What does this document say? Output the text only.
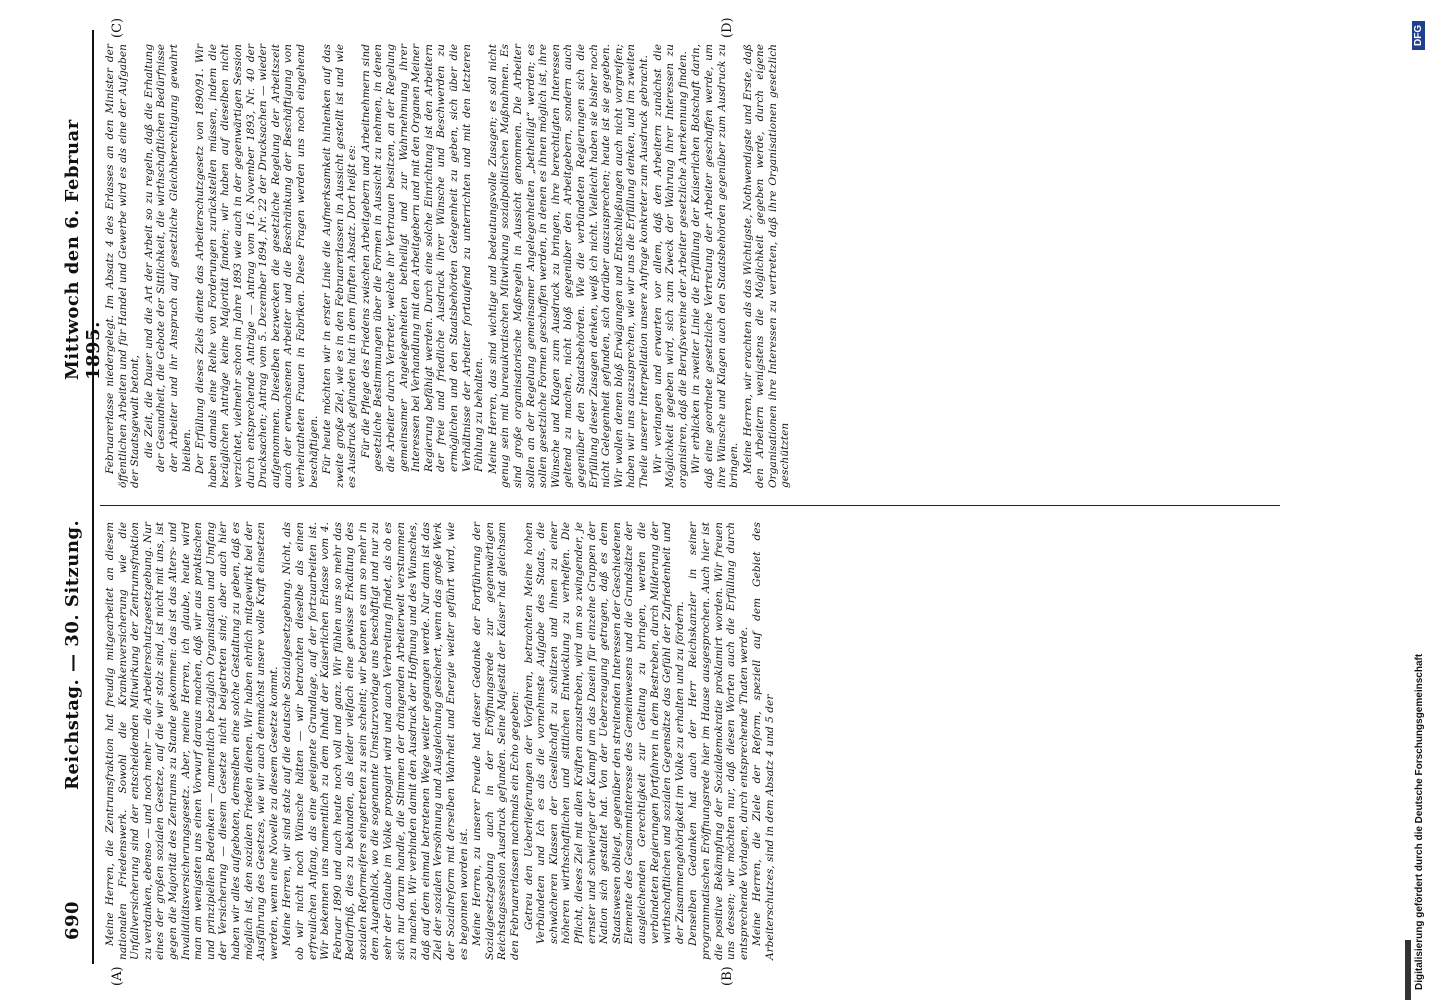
690
Reichstag. — 30. Sitzung.
Mittwoch den 6. Februar 1895.
(A)	(B)
(C)	(D)

Meine Herren, die Zentrumsfraktion hat freudig mitgearbeitet an diesem nationalen Friedenswerk. Sowohl die Krankenversicherung wie die Unfallversicherung sind der entscheidenden Mitwirkung der Zentrumsfraktion zu verdanken, ebenso — und noch mehr — die Arbeiterschutzgesetzgebung. Nur eines der großen sozialen Gesetze, auf die wir stolz sind, ist nicht mit uns, ist gegen die Majorität des Zentrums zu Stande gekommen: das ist das Alters- und Invaliditätsversicherungsgesetz. Aber, meine Herren, ich glaube, heute wird man am wenigsten uns einen Vorwurf daraus machen, daß wir aus praktischen und prinzipiellen Bedenken — namentlich bezüglich Organisation und Umfang der Versicherung — diesem Gesetze nicht beigetreten sind; aber auch hier haben wir alles aufgeboten, demselben eine solche Gestaltung zu geben, daß es möglich ist, den sozialen Frieden dienen. Wir haben ehrlich mitgewirkt bei der Ausführung des Gesetzes, wie wir auch demnächst unsere volle Kraft einsetzen werden, wenn eine Novelle zu diesem Gesetze kommt. Meine Herren, wir sind stolz auf die deutsche Sozialgesetzgebung. Nicht, als ob wir nicht noch Wünsche hätten — wir betrachten dieselbe als einen erfreulichen Anfang, als eine geeignete Grundlage, auf der fortzuarbeiten ist. Wir bekennen uns namentlich zu dem Inhalt der Kaiserlichen Erlasse vom 4. Februar 1890 und auch heute noch voll und ganz. Wir fühlen uns so mehr das Bedürfniß, dies zu bekunden, als leider vielfach eine gewisse Erkaltung des sozialen Reformeifers eingetreten zu sein scheint; wir betonen es um so mehr in dem Augenblick, wo die sogenannte Umsturzvorlage uns beschäftigt und nur zu sehr der Glaube im Volke propagirt wird und auch Verbreitung findet, als ob es sich nur darum handle, die Stimmen der drängenden Arbeiterwelt verstummen zu machen. Wir verbinden damit den Ausdruck der Hoffnung und des Wunsches, daß auf dem einmal betretenen Wege weiter gegangen werde. Nur dann ist das Ziel der sozialen Versöhnung und Ausgleichung gesichert, wenn das große Werk der Sozialreform mit derselben Wahrheit und Energie weiter geführt wird, wie es begonnen worden ist. Meine Herren, zu unserer Freude hat dieser Gedanke der Fortführung der Sozialgesetzgebung auch in der Eröffnungsrede zur gegenwärtigen Reichstagssession Ausdruck gefunden. Seine Majestät der Kaiser hat gleichsam den Februarerlassen nachmals ein Echo gegeben: Getreu den Ueberlieferungen der Vorfahren, betrachten Meine hohen Verbündeten und Ich es als die vornehmste Aufgabe des Staats, die schwächeren Klassen der Gesellschaft zu schützen und ihnen zu einer höheren wirthschaftlichen und sittlichen Entwicklung zu verhelfen. Die Pflicht, dieses Ziel mit allen Kräften anzustreben, wird um so zwingender, je ernster und schwieriger der Kampf um das Dasein für einzelne Gruppen der Nation sich gestaltet hat. Von der Ueberzeugung getragen, daß es dem Staatswesen obliegt, gegenüber den streitenden Interessen der Geschiedenen Elemente des Gesammtinteresse des Gemeinwesens und die Grundsätze der ausgleichenden Gerechtigkeit zur Geltung zu bringen, werden die verbündeten Regierungen fortfahren in dem Bestreben, durch Milderung der wirthschaftlichen und sozialen Gegensätze das Gefühl der Zufriedenheit und der Zusammengehörigkeit im Volke zu erhalten und zu fördern. Denselben Gedanken hat auch der Herr Reichskanzler in seiner programmatischen Eröffnungsrede hier im Hause ausgesprochen. Auch hier ist die positive Bekämpfung der Sozialdemokratie proklamirt worden. Wir freuen uns dessen; wir möchten nur, daß diesen Worten auch die Erfüllung durch entsprechende Vorlagen, durch entsprechende Thaten werde. Meine Herren, die Ziele der Reform, speziell auf dem Gebiet des Arbeiterschutzes, sind in dem Absatz 4 und 5 der

Februarerlasse niedergelegt. Im Absatz 4 des Erlasses an den Minister der öffentlichen Arbeiten und für Handel und Gewerbe wird es als eine der Aufgaben der Staatsgewalt betont, die Zeit, die Dauer und die Art der Arbeit so zu regeln, daß die Erhaltung der Gesundheit, die Gebote der Sittlichkeit, die wirthschaftlichen Bedürfnisse der Arbeiter und ihr Anspruch auf gesetzliche Gleichberechtigung gewahrt bleiben. Der Erfüllung dieses Ziels diente das Arbeiterschutzgesetz von 1890/91. Wir haben damals eine Reihe von Forderungen zurückstellen müssen, indem die bezüglichen Anträge keine Majorität fanden; wir haben auf dieselben nicht verzichtet, vielmehr schon im Jahre 1893 wie auch in der gegenwärtigen Session durch entsprechende Anträge — Antrag vom 16. November 1893, Nr. 40 der Drucksachen; Antrag vom 5. Dezember 1894, Nr. 22 der Drucksachen — wieder aufgenommen. Dieselben bezwecken die gesetzliche Regelung der Arbeitszeit auch der erwachsenen Arbeiter und die Beschränkung der Beschäftigung von verheiratheten Frauen in Fabriken. Diese Fragen werden uns noch eingehend beschäftigen. Für heute möchten wir in erster Linie die Aufmerksamkeit hinlenken auf das zweite große Ziel, wie es in den Februarerlassen in Aussicht gestellt ist und wie es Ausdruck gefunden hat in dem fünften Absatz. Dort heißt es: Für die Pflege des Friedens zwischen Arbeitgebern und Arbeitnehmern sind gesetzliche Bestimmungen über die Formen in Aussicht zu nehmen, in denen die Arbeiter durch Vertreter, welche ihr Vertrauen besitzen, an der Regelung gemeinsamer Angelegenheiten betheiligt und zur Wahrnehmung ihrer Interessen bei Verhandlung mit den Arbeitgebern und mit den Organen Meiner Regierung befähigt werden. Durch eine solche Einrichtung ist den Arbeitern der freie und friedliche Ausdruck ihrer Wünsche und Beschwerden zu ermöglichen und den Staatsbehörden Gelegenheit zu geben, sich über die Verhältnisse der Arbeiter fortlaufend zu unterrichten und mit den letzteren Fühlung zu behalten. Meine Herren, das sind wichtige und bedeutungsvolle Zusagen; es soll nicht genug sein mit bureaukratischen Mitwirkung sozialpolitischen Maßnahmen. Es sind große organisatorische Maßregeln in Aussicht genommen. Die Arbeiter sollen an der Regelung gemeinsamer Angelegenheiten „betheiligt“ werden; es sollen gesetzliche Formen geschaffen werden, in denen es ihnen möglich ist, ihre Wünsche und Klagen zum Ausdruck zu bringen, ihre berechtigten Interessen geltend zu machen, nicht bloß gegenüber den Arbeitgebern, sondern auch gegenüber den Staatsbehörden. Wie die verbündeten Regierungen sich die Erfüllung dieser Zusagen denken, weiß ich nicht. Vielleicht haben sie bisher noch nicht Gelegenheit gefunden, sich darüber auszusprechen; heute ist sie gegeben. Wir wollen denen bloß Erwägungen und Entschließungen auch nicht vorgreifen; haben wir uns auszusprechen, wie wir uns die Erfüllung denken, und im zweiten Theile unserer Interpellation unsere Anfrage konkreter zum Ausdruck gebracht. Wir verlangen und erwarten vor allem, daß den Arbeitern zunächst die Möglichkeit gegeben wird, sich zum Zweck der Wahrung ihrer Interessen zu organisiren, daß die Berufsvereine der Arbeiter gesetzliche Anerkennung finden. Wir erblicken in zweiter Linie die Erfüllung der Kaiserlichen Botschaft darin, daß eine geordnete gesetzliche Vertretung der Arbeiter geschaffen werde, um ihre Wünsche und Klagen auch den Staatsbehörden gegenüber zum Ausdruck zu bringen. Meine Herren, wir erachten als das Wichtigste, Nothwendigste und Erste, daß den Arbeitern wenigstens die Möglichkeit gegeben werde, durch eigene Organisationen ihre Interessen zu vertreten, daß ihre Organisationen gesetzlich geschützten

Digitalisierung gefördert durch die Deutsche Forschungsgemeinschaft
DFG
